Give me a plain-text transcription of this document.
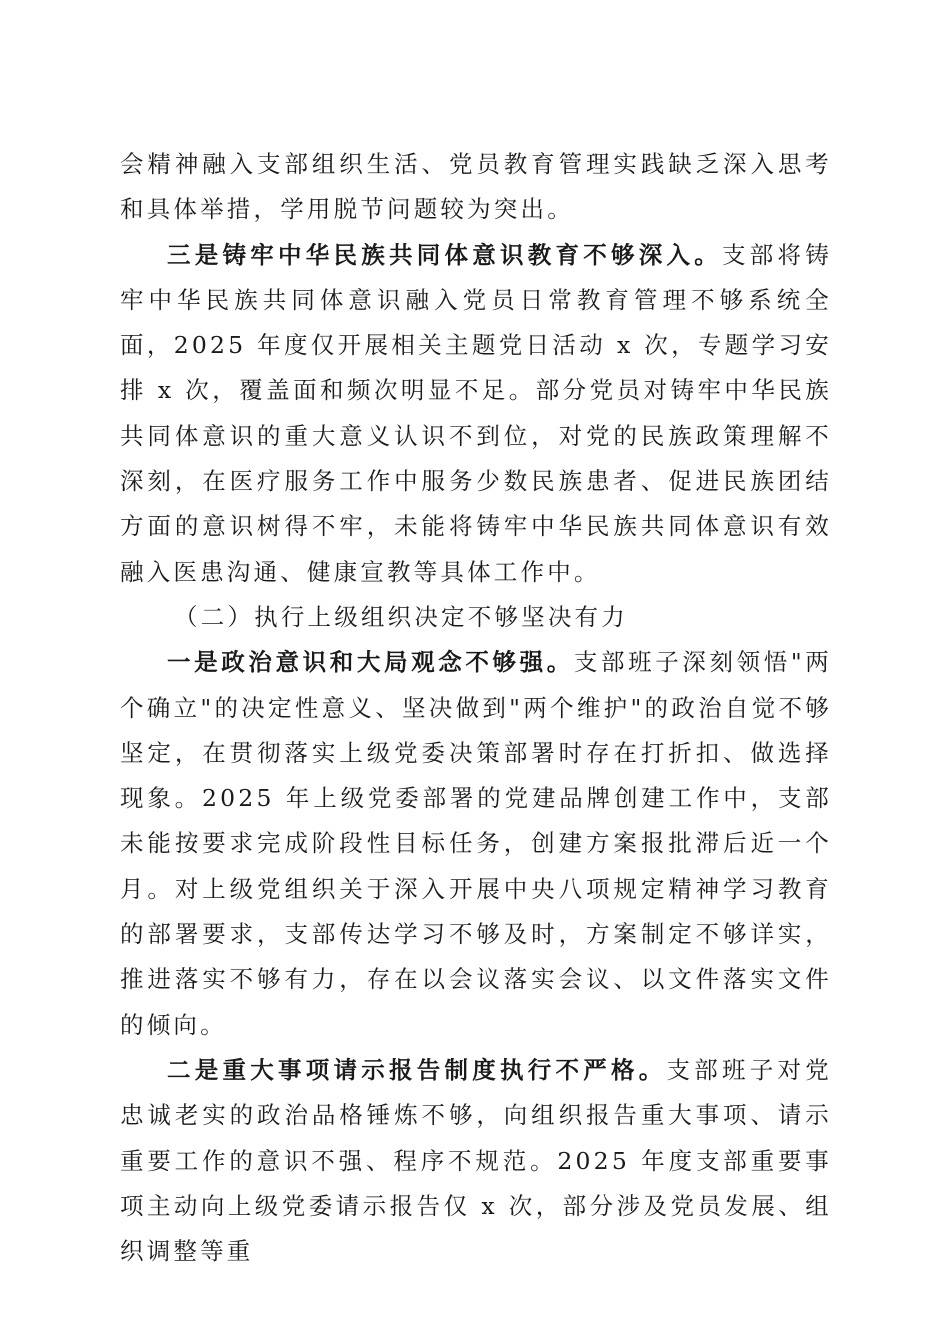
会精神融入支部组织生活、党员教育管理实践缺乏深入思考和具体举措，学用脱节问题较为突出。

三是铸牢中华民族共同体意识教育不够深入。支部将铸牢中华民族共同体意识融入党员日常教育管理不够系统全面，2025 年度仅开展相关主题党日活动 x 次，专题学习安排 x 次，覆盖面和频次明显不足。部分党员对铸牢中华民族共同体意识的重大意义认识不到位，对党的民族政策理解不深刻，在医疗服务工作中服务少数民族患者、促进民族团结方面的意识树得不牢，未能将铸牢中华民族共同体意识有效融入医患沟通、健康宣教等具体工作中。

（二）执行上级组织决定不够坚决有力

一是政治意识和大局观念不够强。支部班子深刻领悟"两个确立"的决定性意义、坚决做到"两个维护"的政治自觉不够坚定，在贯彻落实上级党委决策部署时存在打折扣、做选择现象。2025 年上级党委部署的党建品牌创建工作中，支部未能按要求完成阶段性目标任务，创建方案报批滞后近一个月。对上级党组织关于深入开展中央八项规定精神学习教育的部署要求，支部传达学习不够及时，方案制定不够详实，推进落实不够有力，存在以会议落实会议、以文件落实文件的倾向。

二是重大事项请示报告制度执行不严格。支部班子对党忠诚老实的政治品格锤炼不够，向组织报告重大事项、请示重要工作的意识不强、程序不规范。2025 年度支部重要事项主动向上级党委请示报告仅 x 次，部分涉及党员发展、组织调整等重
